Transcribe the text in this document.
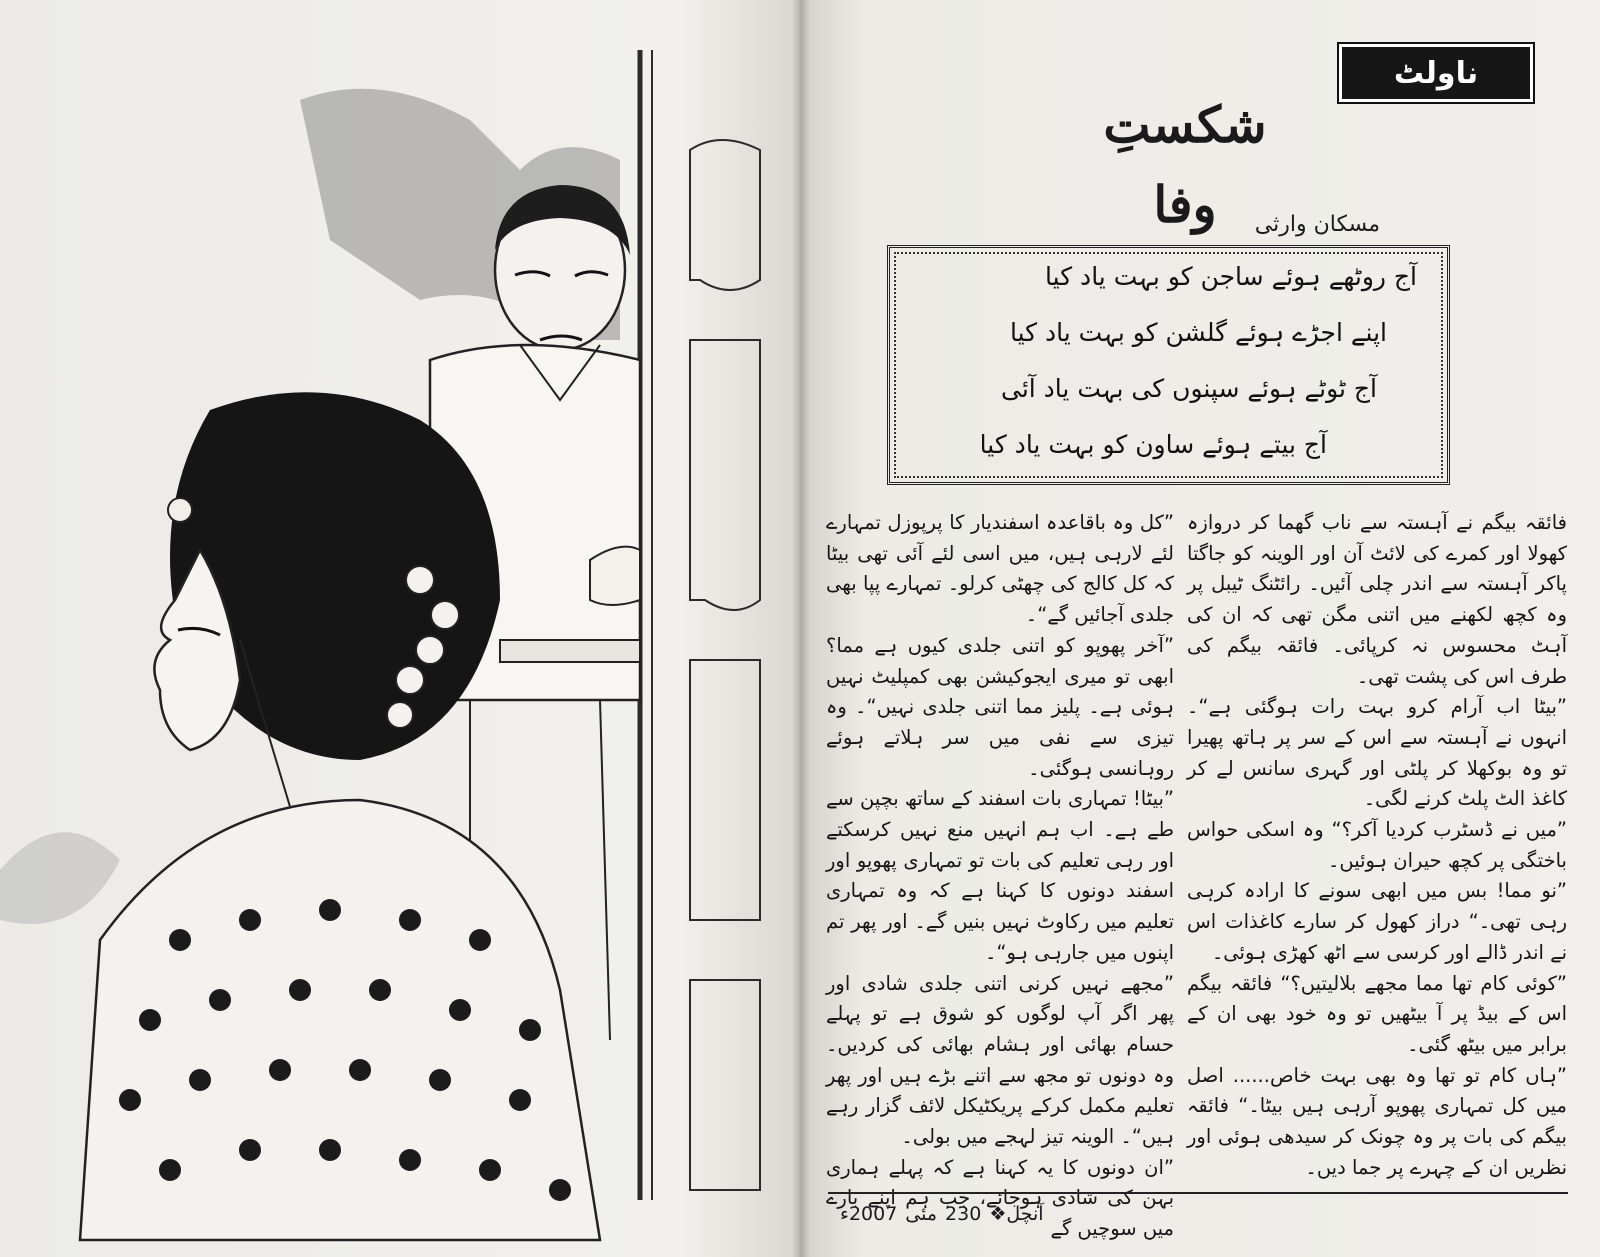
ناولٹ
شکستِ وفا	مسکان وارثی
آج روٹھے ہوئے ساجن کو بہت یاد کیا
اپنے اجڑے ہوئے گلشن کو بہت یاد کیا
آج ٹوٹے ہوئے سپنوں کی بہت یاد آئی
آج بیتے ہوئے ساون کو بہت یاد کیا

فائقہ بیگم نے آہستہ سے ناب گھما کر دروازہ کھولا اور کمرے کی لائٹ آن اور الوینہ کو جاگتا پاکر آہستہ سے اندر چلی آئیں۔ رائٹنگ ٹیبل پر وہ کچھ لکھنے میں اتنی مگن تھی کہ ان کی آہٹ محسوس نہ کرپائی۔ فائقہ بیگم کی طرف اس کی پشت تھی۔

”بیٹا اب آرام کرو بہت رات ہوگئی ہے“۔ انہوں نے آہستہ سے اس کے سر پر ہاتھ پھیرا تو وہ بوکھلا کر پلٹی اور گہری سانس لے کر کاغذ الٹ پلٹ کرنے لگی۔

”میں نے ڈسٹرب کردیا آکر؟“ وہ اسکی حواس باختگی پر کچھ حیران ہوئیں۔

”نو مما! بس میں ابھی سونے کا ارادہ کرہی رہی تھی۔“ دراز کھول کر سارے کاغذات اس نے اندر ڈالے اور کرسی سے اٹھ کھڑی ہوئی۔

”کوئی کام تھا مما مجھے بلالیتیں؟“ فائقہ بیگم اس کے بیڈ پر آ بیٹھیں تو وہ خود بھی ان کے برابر میں بیٹھ گئی۔

”ہاں کام تو تھا وہ بھی بہت خاص...... اصل میں کل تمہاری پھوپو آرہی ہیں بیٹا۔“ فائقہ بیگم کی بات پر وہ چونک کر سیدھی ہوئی اور نظریں ان کے چہرے پر جما دیں۔

”کل وہ باقاعدہ اسفندیار کا پرپوزل تمہارے لئے لارہی ہیں، میں اسی لئے آئی تھی بیٹا کہ کل کالج کی چھٹی کرلو۔ تمہارے پپا بھی جلدی آجائیں گے“۔

”آخر پھوپو کو اتنی جلدی کیوں ہے مما؟ ابھی تو میری ایجوکیشن بھی کمپلیٹ نہیں ہوئی ہے۔ پلیز مما اتنی جلدی نہیں“۔ وہ تیزی سے نفی میں سر ہلاتے ہوئے روہانسی ہوگئی۔

”بیٹا! تمہاری بات اسفند کے ساتھ بچپن سے طے ہے۔ اب ہم انہیں منع نہیں کرسکتے اور رہی تعلیم کی بات تو تمہاری پھوپو اور اسفند دونوں کا کہنا ہے کہ وہ تمہاری تعلیم میں رکاوٹ نہیں بنیں گے۔ اور پھر تم اپنوں میں جارہی ہو“۔

”مجھے نہیں کرنی اتنی جلدی شادی اور پھر اگر آپ لوگوں کو شوق ہے تو پہلے حسام بھائی اور ہشام بھائی کی کردیں۔ وہ دونوں تو مجھ سے اتنے بڑے ہیں اور پھر تعلیم مکمل کرکے پریکٹیکل لائف گزار رہے ہیں“۔ الوینہ تیز لہجے میں بولی۔

”ان دونوں کا یہ کہنا ہے کہ پہلے ہماری بہن کی شادی ہوجائے، جب ہم اپنے بارے میں سوچیں گے

آنچل❖
230
مئی
2007ء
